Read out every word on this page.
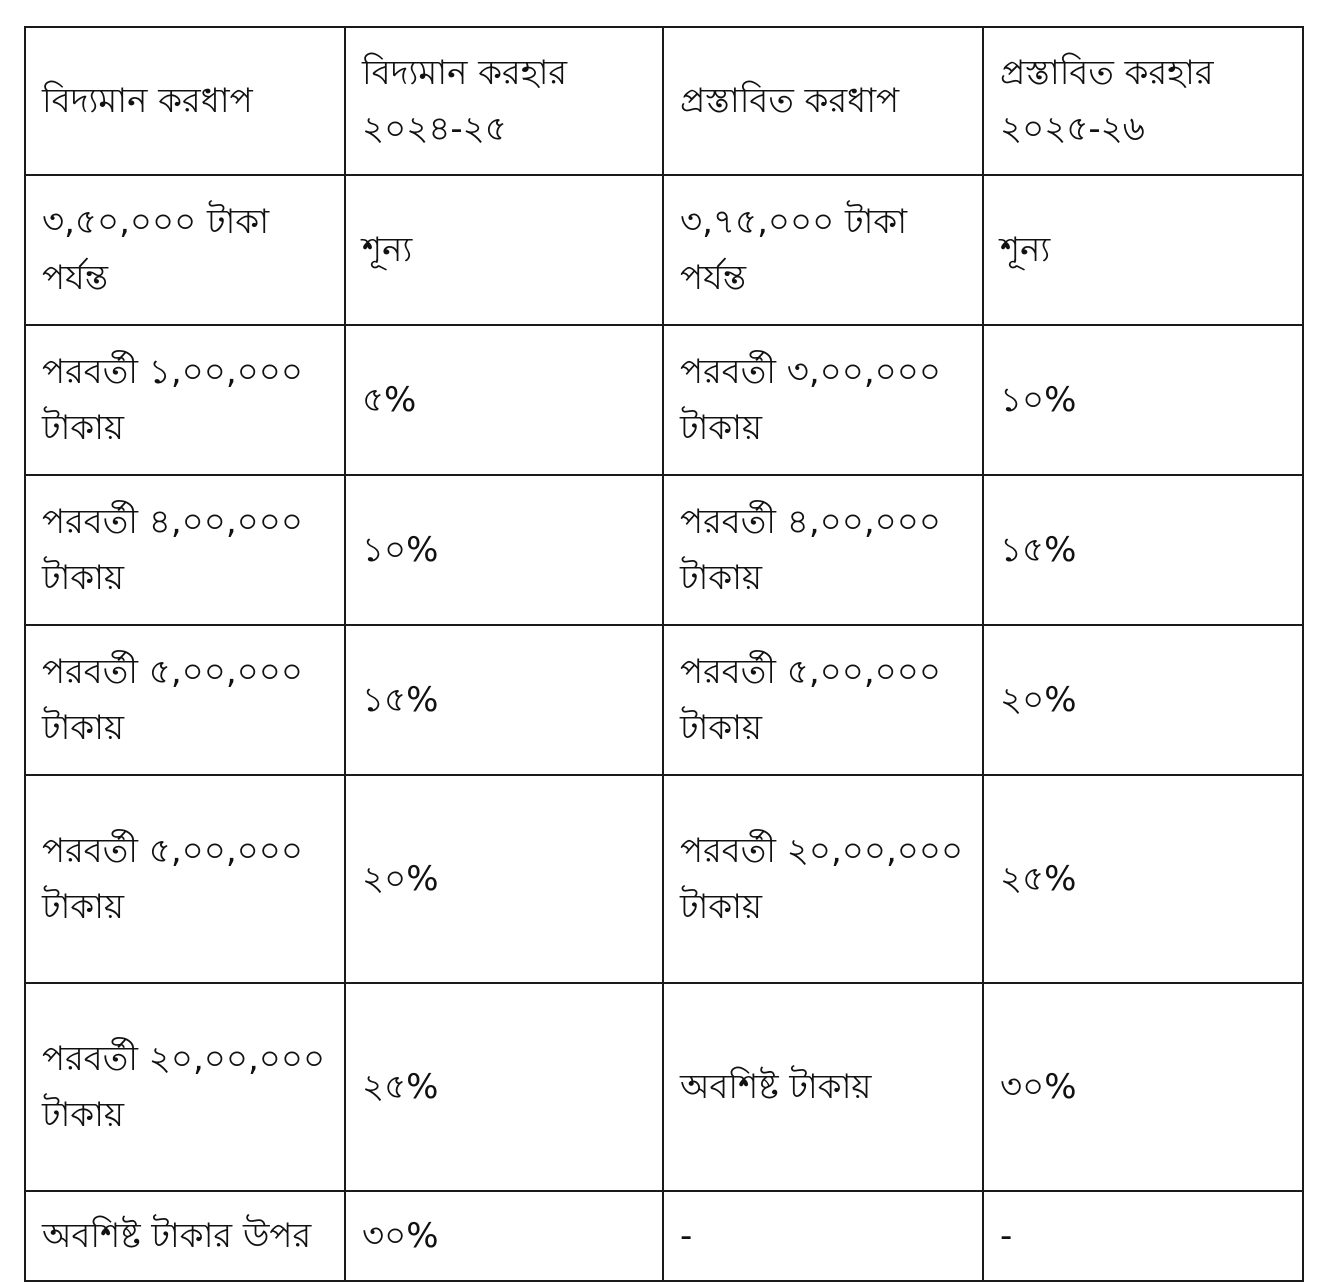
বিদ্যমান করধাপ	বিদ্যমান করহার ২০২৪-২৫	প্রস্তাবিত করধাপ	প্রস্তাবিত করহার ২০২৫-২৬

৩,৫০,০০০ টাকা পর্যন্ত	শূন্য	৩,৭৫,০০০ টাকা পর্যন্ত	শূন্য

পরবর্তী ১,০০,০০০ টাকায়	৫%	পরবর্তী ৩,০০,০০০ টাকায়	১০%

পরবর্তী ৪,০০,০০০ টাকায়	১০%	পরবর্তী ৪,০০,০০০ টাকায়	১৫%

পরবর্তী ৫,০০,০০০ টাকায়	১৫%	পরবর্তী ৫,০০,০০০ টাকায়	২০%

পরবর্তী ৫,০০,০০০ টাকায়	২০%	পরবর্তী ২০,০০,০০০ টাকায়	২৫%

পরবর্তী ২০,০০,০০০ টাকায়	২৫%	অবশিষ্ট টাকায়	৩০%

অবশিষ্ট টাকার উপর	৩০%	-	-
